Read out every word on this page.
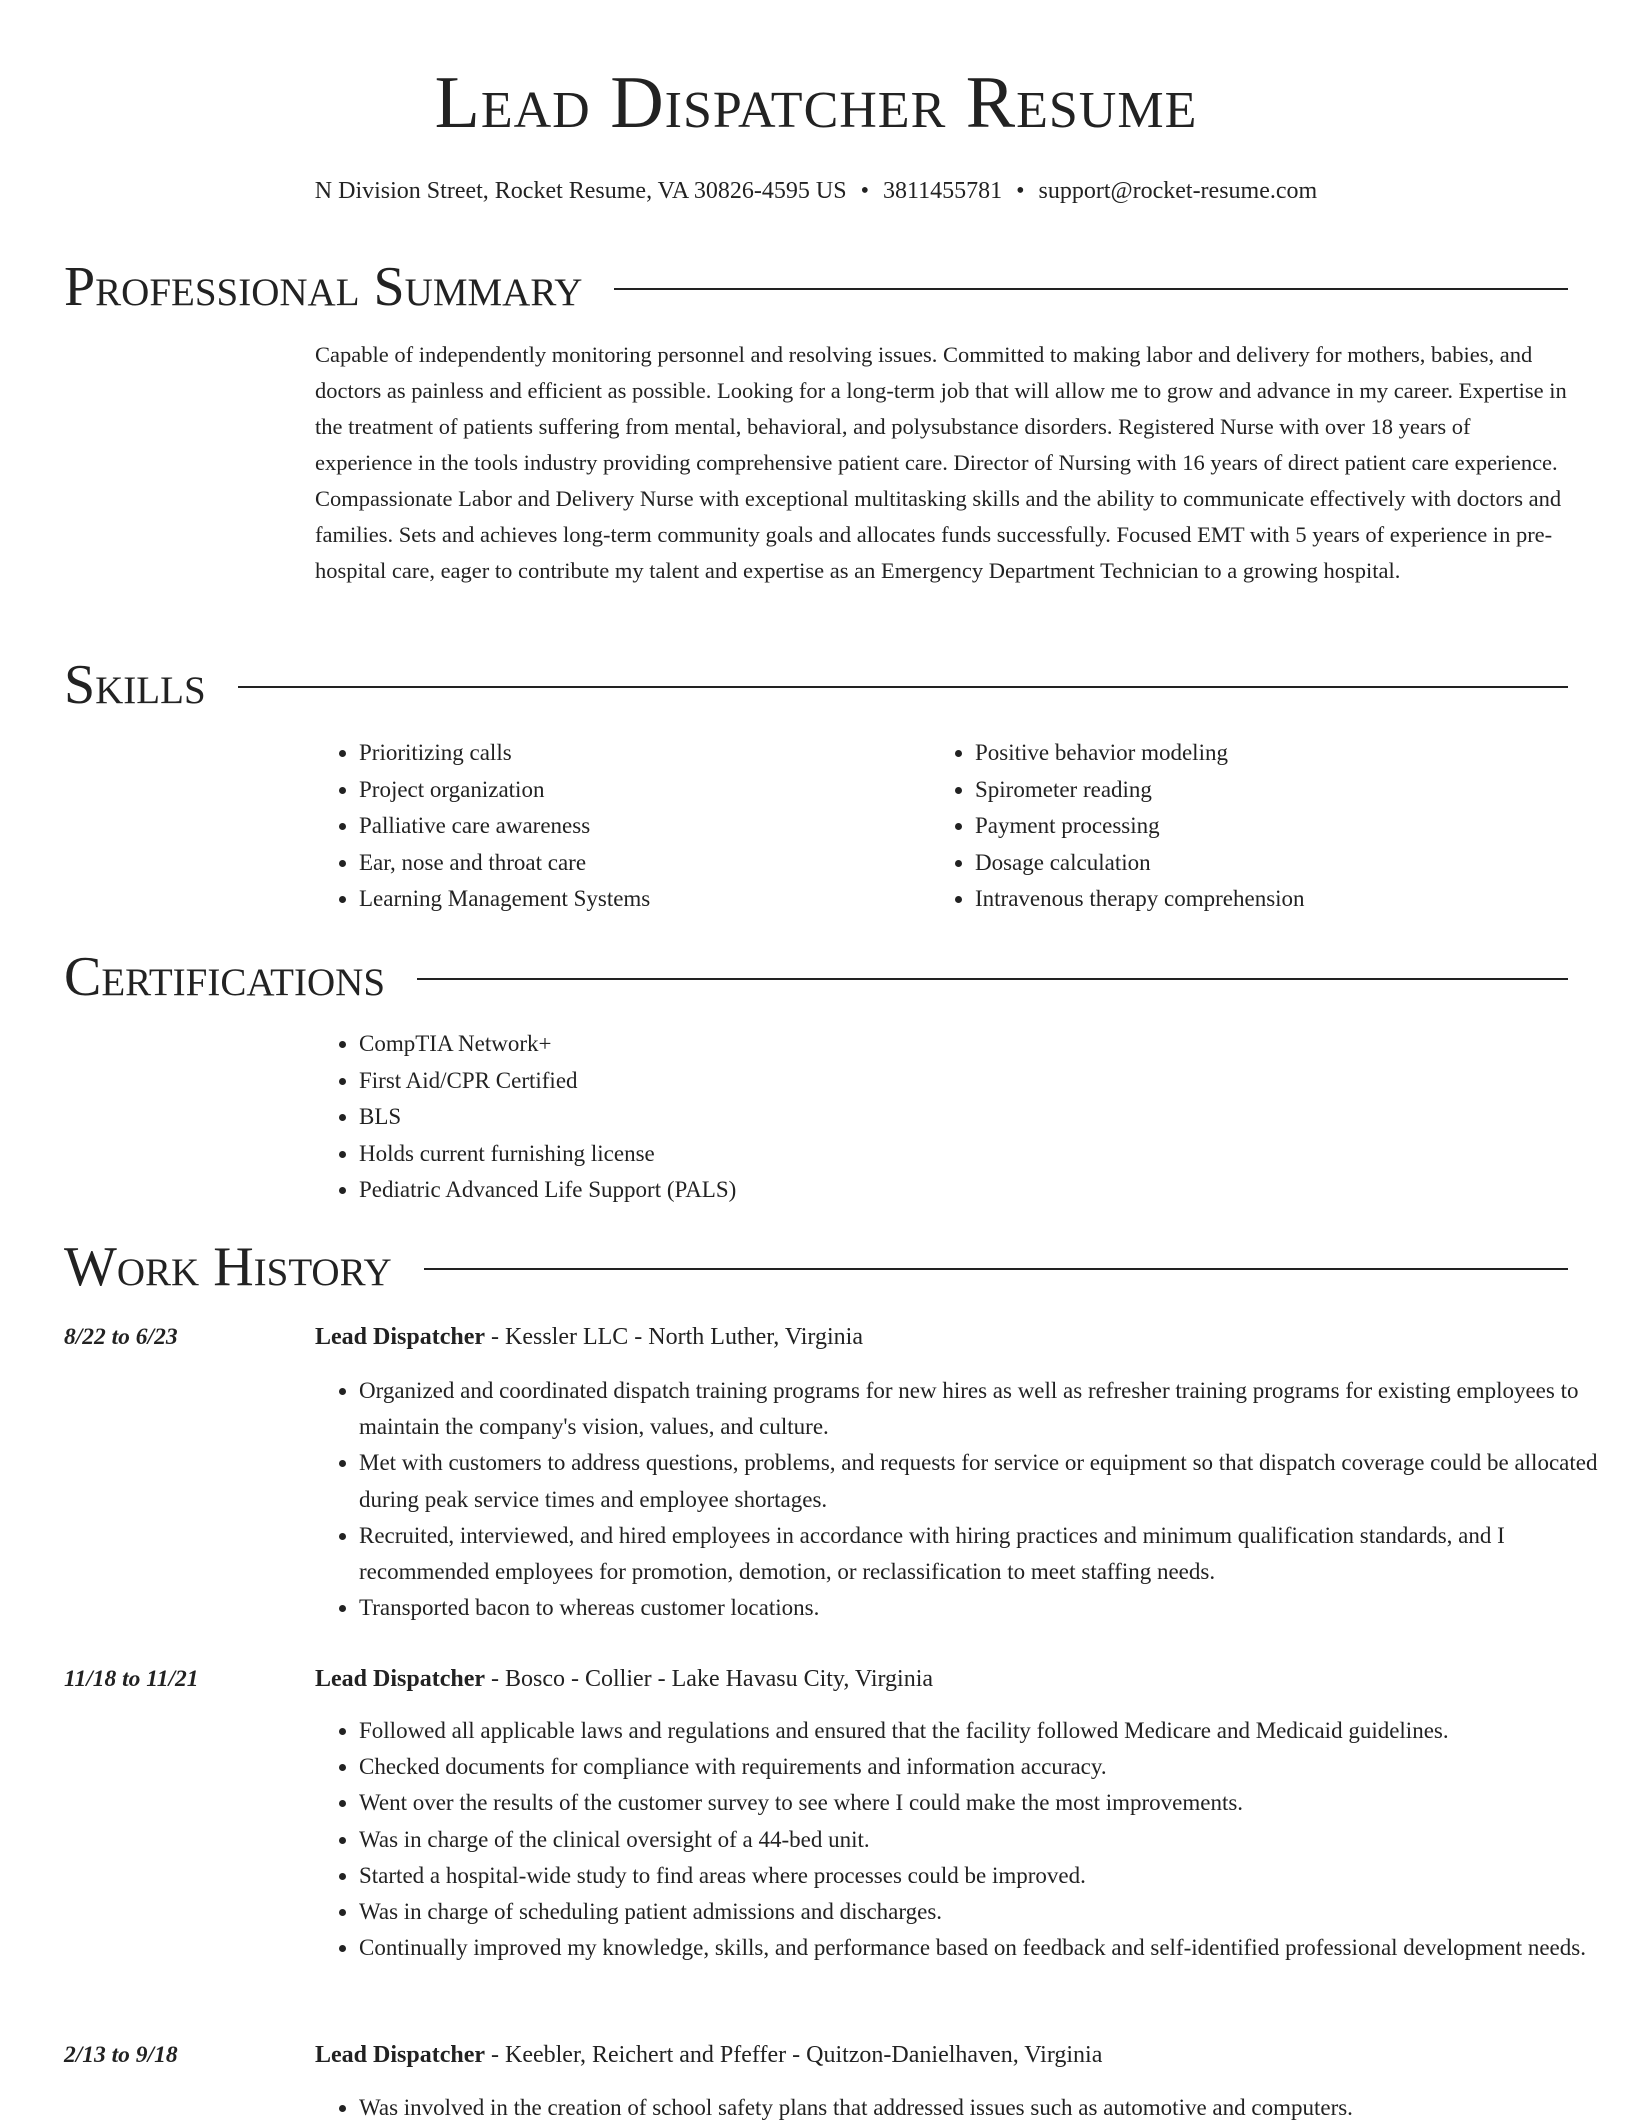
Lead Dispatcher Resume
N Division Street, Rocket Resume, VA 30826-4595 US • 3811455781 • support@rocket-resume.com
Professional Summary

Capable of independently monitoring personnel and resolving issues. Committed to making labor and delivery for mothers, babies, and doctors as painless and efficient as possible. Looking for a long-term job that will allow me to grow and advance in my career. Expertise in the treatment of patients suffering from mental, behavioral, and polysubstance disorders. Registered Nurse with over 18 years of experience in the tools industry providing comprehensive patient care. Director of Nursing with 16 years of direct patient care experience. Compassionate Labor and Delivery Nurse with exceptional multitasking skills and the ability to communicate effectively with doctors and families. Sets and achieves long-term community goals and allocates funds successfully. Focused EMT with 5 years of experience in pre-hospital care, eager to contribute my talent and expertise as an Emergency Department Technician to a growing hospital.

Skills
• Prioritizing calls
• Project organization
• Palliative care awareness
• Ear, nose and throat care
• Learning Management Systems
• Positive behavior modeling
• Spirometer reading
• Payment processing
• Dosage calculation
• Intravenous therapy comprehension
Certifications
• CompTIA Network+
• First Aid/CPR Certified
• BLS
• Holds current furnishing license
• Pediatric Advanced Life Support (PALS)
Work History
8/22 to 6/23	Lead Dispatcher - Kessler LLC - North Luther, Virginia
• Organized and coordinated dispatch training programs for new hires as well as refresher training programs for existing employees to maintain the company's vision, values, and culture.
• Met with customers to address questions, problems, and requests for service or equipment so that dispatch coverage could be allocated during peak service times and employee shortages.
• Recruited, interviewed, and hired employees in accordance with hiring practices and minimum qualification standards, and I recommended employees for promotion, demotion, or reclassification to meet staffing needs.
• Transported bacon to whereas customer locations.
11/18 to 11/21	Lead Dispatcher - Bosco - Collier - Lake Havasu City, Virginia
• Followed all applicable laws and regulations and ensured that the facility followed Medicare and Medicaid guidelines.
• Checked documents for compliance with requirements and information accuracy.
• Went over the results of the customer survey to see where I could make the most improvements.
• Was in charge of the clinical oversight of a 44-bed unit.
• Started a hospital-wide study to find areas where processes could be improved.
• Was in charge of scheduling patient admissions and discharges.
• Continually improved my knowledge, skills, and performance based on feedback and self-identified professional development needs.
2/13 to 9/18	Lead Dispatcher - Keebler, Reichert and Pfeffer - Quitzon-Danielhaven, Virginia
• Was involved in the creation of school safety plans that addressed issues such as automotive and computers.
